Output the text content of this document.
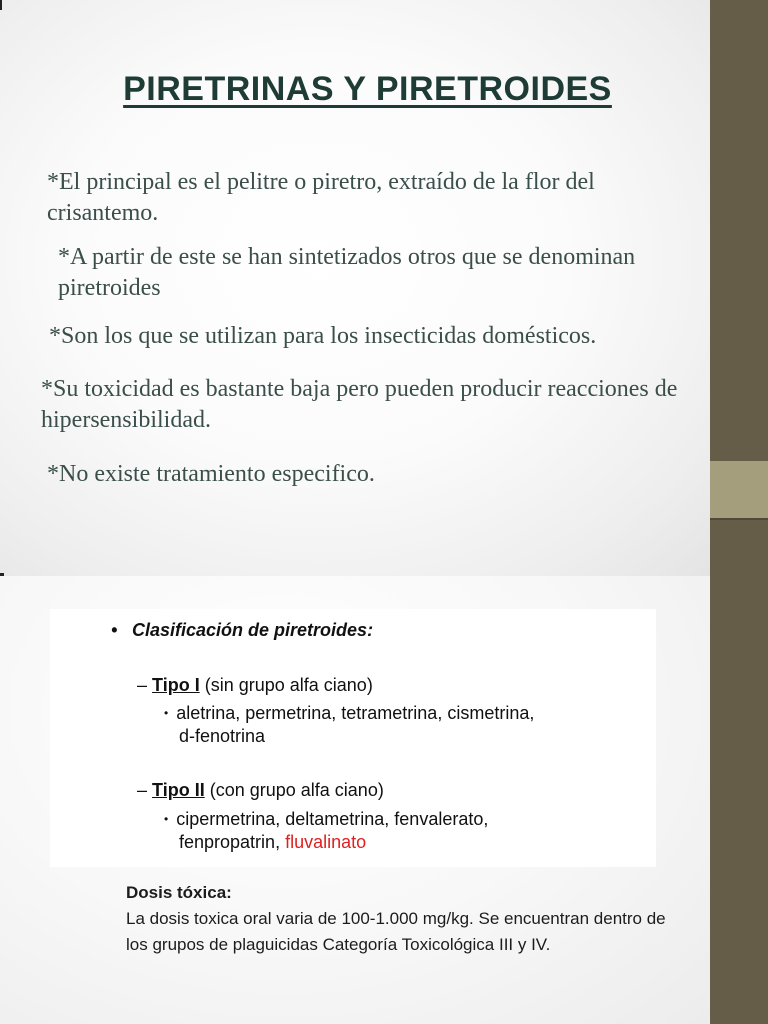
PIRETRINAS Y PIRETROIDES
*El principal es el pelitre o piretro, extraído de la flor del crisantemo.
*A partir de este se han sintetizados otros que se denominan piretroides
*Son los que se utilizan para los insecticidas domésticos.
*Su toxicidad es bastante baja pero pueden producir reacciones de hipersensibilidad.
*No existe tratamiento especifico.
• Clasificación de piretroides:
– Tipo I (sin grupo alfa ciano)
• aletrina, permetrina, tetrametrina, cismetrina,
d-fenotrina
– Tipo II (con grupo alfa ciano)
• cipermetrina, deltametrina, fenvalerato,
fenpropatrin, fluvalinato
Dosis tóxica:
La dosis toxica oral varia de 100-1.000 mg/kg. Se encuentran dentro de los grupos de plaguicidas Categoría Toxicológica III y IV.
